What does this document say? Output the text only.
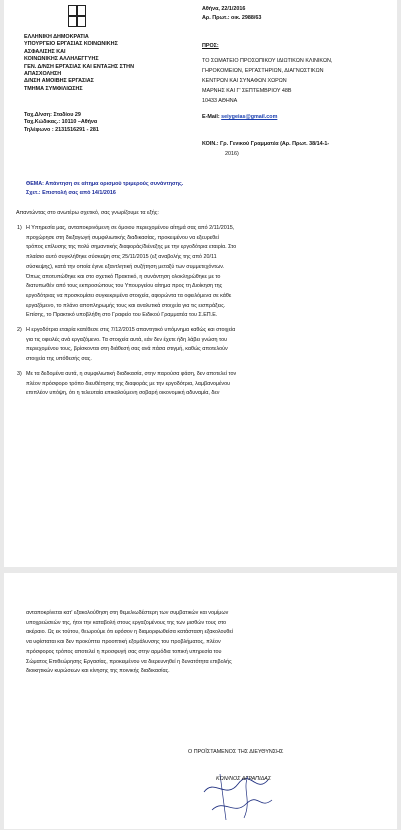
ΕΛΛΗΝΙΚΗ ΔΗΜΟΚΡΑΤΙΑ
ΥΠΟΥΡΓΕΙΟ ΕΡΓΑΣΙΑΣ ΚΟΙΝΩΝΙΚΗΣ
ΑΣΦΑΛΙΣΗΣ ΚΑΙ
ΚΟΙΝΩΝΙΚΗΣ ΑΛΛΗΛΕΓΓΥΗΣ
ΓΕΝ. Δ/ΝΣΗ ΕΡΓΑΣΙΑΣ ΚΑΙ ΕΝΤΑΞΗΣ ΣΤΗΝ
ΑΠΑΣΧΟΛΗΣΗ
Δ/ΝΣΗ ΑΜΟΙΒΗΣ ΕΡΓΑΣΙΑΣ
ΤΜΗΜΑ ΣΥΜΦΙΛΙΩΣΗΣ
Ταχ.Δ/νση: Σταδίου 29
Ταχ.Κώδικας.: 10110 –Αθήνα
Τηλέφωνο : 2131516291 - 281
Αθήνα, 22/1/2016
Αρ. Πρωτ.: οικ. 2988/63
ΠΡΟΣ:
ΤΟ ΣΩΜΑΤΕΙΟ ΠΡΟΣΩΠΙΚΟΥ ΙΔΙΩΤΙΚΩΝ ΚΛΙΝΙΚΩΝ,
ΓΗΡΟΚΟΜΕΙΩΝ, ΕΡΓΑΣΤΗΡΙΩΝ, ΔΙΑΓΝΩΣΤΙΚΩΝ
ΚΕΝΤΡΩΝ ΚΑΙ ΣΥΝΑΦΩΝ ΧΩΡΩΝ
ΜΑΡΝΗΣ ΚΑΙ Γ' ΣΕΠΤΕΜΒΡΙΟΥ 48Β
10433 ΑΘΗΝΑ
E-Mail: seiygeias@gmail.com
ΚΟΙΝ.: Γρ. Γενικού Γραμματέα (Αρ. Πρωτ. 38/14-1-
2016)
ΘΕΜΑ: Απάντηση σε αίτημα ορισμού τριμερούς συνάντησης.
Σχετ.: Επιστολή σας από 14/1/2016
Απαντώντας στο ανωτέρω σχετικό, σας γνωρίζουμε τα εξής:
1) Η Υπηρεσία μας, ανταποκρινόμενη σε όμοιου περιεχομένου αίτημά σας από 2/11/2015,
προχώρησε στη διεξαγωγή συμφιλιωτικής διαδικασίας, προκειμένου να εξευρεθεί
τρόπος επίλυσης της πολύ σημαντικής διαφοράς/διένεξης με την εργοδότρια εταιρία. Στο
πλαίσιο αυτό συγκλήθηκε σύσκεψη στις 25/11/2015 (εξ αναβολής της από 20/11
σύσκεψης), κατά την οποία έγινε εξαντλητική συζήτηση μεταξύ των συμμετεχόντων.
Όπως αποτυπώθηκε και στο σχετικό Πρακτικό, η συνάντηση ολοκληρώθηκε με το
διατυπωθέν από τους εκπροσώπους του Υπουργείου αίτημα προς τη Διοίκηση της
εργοδότριας να προσκομίσει συγκεκριμένα στοιχεία, αφορώντα τα οφειλόμενα σε κάθε
εργαζόμενο, το πλάνο αποπληρωμής τους και αναλυτικά στοιχεία για τις εισπράξεις.
Επίσης, το Πρακτικό υποβλήθη στο Γραφείο του Ειδικού Γραμματέα του Σ.ΕΠ.Ε.
2) Η εργοδότρια εταιρία κατέθεσε στις 7/12/2015 απαντητικό υπόμνημα καθώς και στοιχεία
για τις οφειλές ανά εργαζόμενο. Τα στοιχεία αυτά, εάν δεν έχετε ήδη λάβει γνώση του
περιεχομένου τους, βρίσκονται στη διάθεσή σας ανά πάσα στιγμή, καθώς αποτελούν
στοιχεία της υπόθεσής σας.
3) Με τα δεδομένα αυτά, η συμφιλιωτική διαδικασία, στην παρούσα φάση, δεν αποτελεί τον
πλέον πρόσφορο τρόπο διευθέτησης της διαφοράς με την εργοδότρια, λαμβανομένου
επιπλέον υπόψη, ότι η τελευταία επικαλούμενη σοβαρή οικονομική αδυναμία, δεν
ανταποκρίνεται κατ' εξακολούθηση στη θεμελιωδέστερη των συμβατικών και νομίμων
υποχρεώσεών της, ήτοι την καταβολή στους εργαζομένους της των μισθών τους στο
ακέραιο. Ως εκ τούτου, θεωρούμε ότι εφόσον η διαμορφωθείσα κατάσταση εξακολουθεί
να υφίσταται και δεν προκύπτει προοπτική εξομάλυνσης του προβλήματος, πλέον
πρόσφορος τρόπος αποτελεί η προσφυγή σας στην αρμόδια τοπική υπηρεσία του
Σώματος Επιθεώρησης Εργασίας, προκειμένου να διερευνηθεί η δυνατότητα επιβολής
διοικητικών κυρώσεων και κίνησης της ποινικής διαδικασίας.
Ο ΠΡΟΪΣΤΑΜΕΝΟΣ ΤΗΣ ΔΙΕΥΘΥΝΣΗΣ
ΚΩΝ/ΝΟΣ ΑΓΡΑΠΙΔΑΣ
